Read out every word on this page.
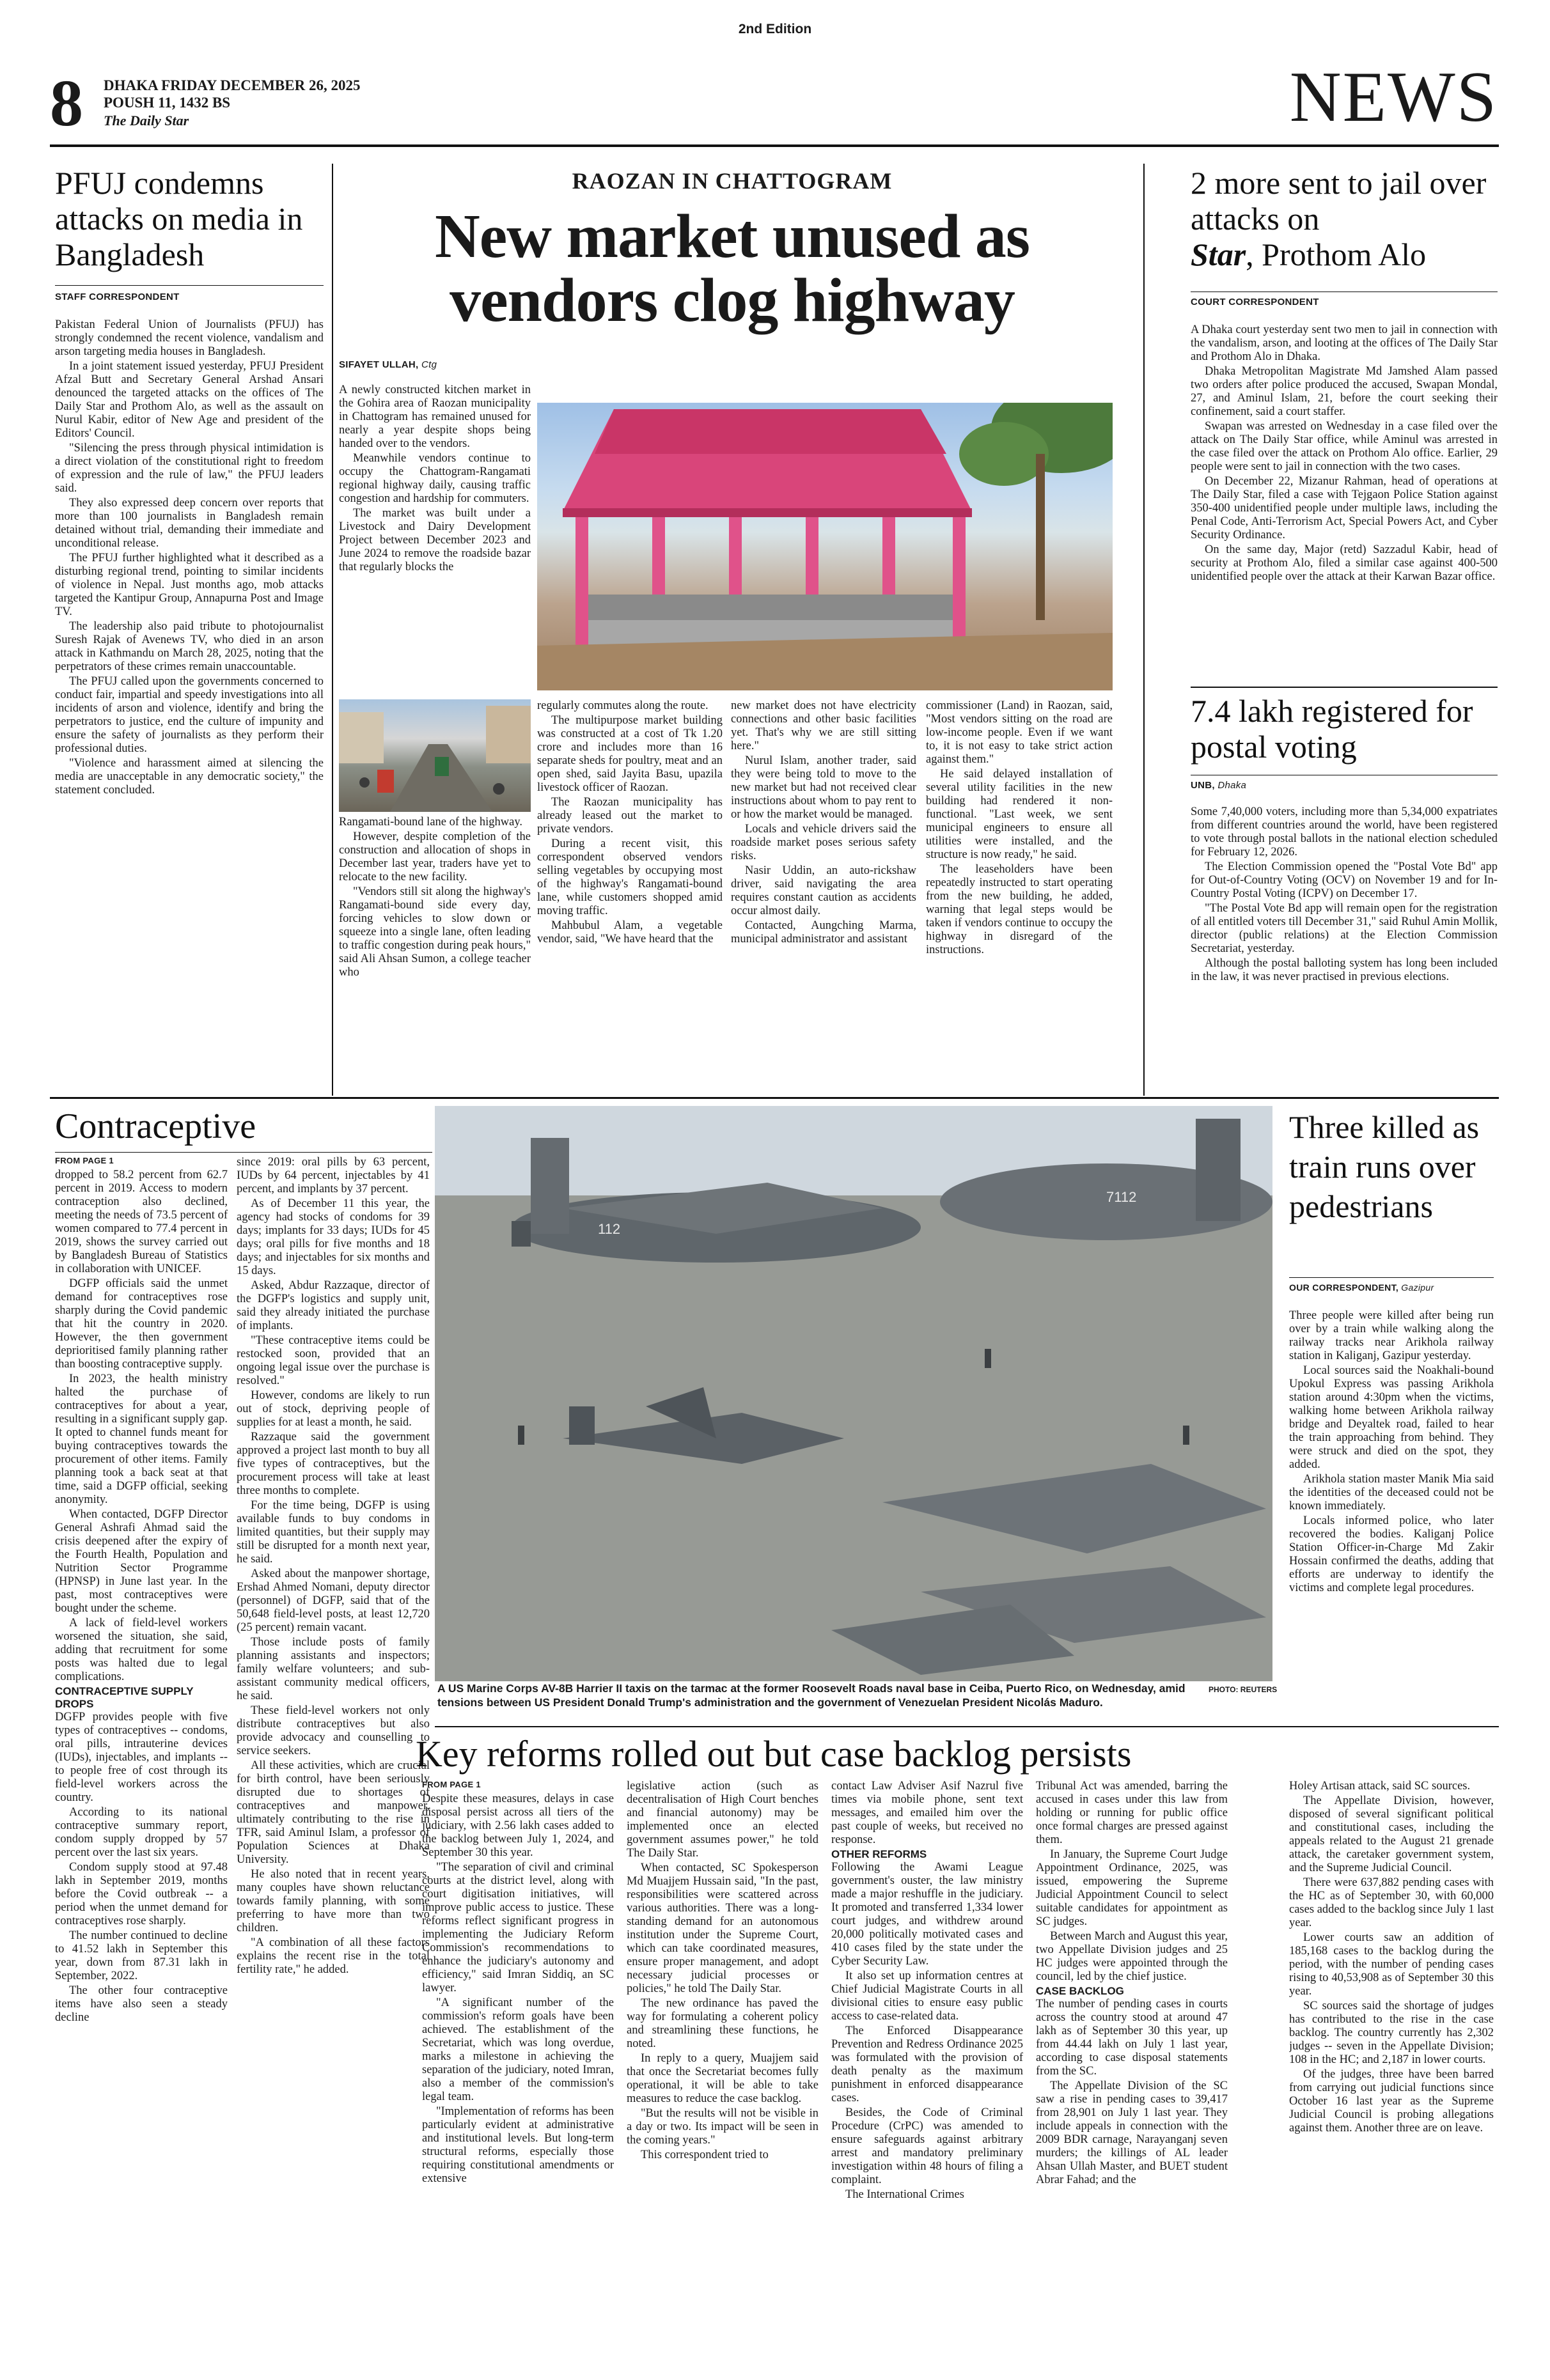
2nd Edition
8 DHAKA FRIDAY DECEMBER 26, 2025
POUSH 11, 1432 BS
The Daily Star	NEWS
PFUJ condemns attacks on media in Bangladesh
STAFF CORRESPONDENT

Pakistan Federal Union of Journalists (PFUJ) has strongly condemned the recent violence, vandalism and arson targeting media houses in Bangladesh.

In a joint statement issued yesterday, PFUJ President Afzal Butt and Secretary General Arshad Ansari denounced the targeted attacks on the offices of The Daily Star and Prothom Alo, as well as the assault on Nurul Kabir, editor of New Age and president of the Editors' Council.

"Silencing the press through physical intimidation is a direct violation of the constitutional right to freedom of expression and the rule of law," the PFUJ leaders said.

They also expressed deep concern over reports that more than 100 journalists in Bangladesh remain detained without trial, demanding their immediate and unconditional release.

The PFUJ further highlighted what it described as a disturbing regional trend, pointing to similar incidents of violence in Nepal. Just months ago, mob attacks targeted the Kantipur Group, Annapurna Post and Image TV.

The leadership also paid tribute to photojournalist Suresh Rajak of Avenews TV, who died in an arson attack in Kathmandu on March 28, 2025, noting that the perpetrators of these crimes remain unaccountable.

The PFUJ called upon the governments concerned to conduct fair, impartial and speedy investigations into all incidents of arson and violence, identify and bring the perpetrators to justice, end the culture of impunity and ensure the safety of journalists as they perform their professional duties.

"Violence and harassment aimed at silencing the media are unacceptable in any democratic society," the statement concluded.

RAOZAN IN CHATTOGRAM
New market unused as vendors clog highway
SIFAYET ULLAH, Ctg

A newly constructed kitchen market in the Gohira area of Raozan municipality in Chattogram has remained unused for nearly a year despite shops being handed over to the vendors.

Meanwhile vendors continue to occupy the Chattogram-Rangamati regional highway daily, causing traffic congestion and hardship for commuters.

The market was built under a Livestock and Dairy Development Project between December 2023 and June 2024 to remove the roadside bazar that regularly blocks the

Rangamati-bound lane of the highway.

However, despite completion of the construction and allocation of shops in December last year, traders have yet to relocate to the new facility.

"Vendors still sit along the highway's Rangamati-bound side every day, forcing vehicles to slow down or squeeze into a single lane, often leading to traffic congestion during peak hours," said Ali Ahsan Sumon, a college teacher who

regularly commutes along the route.

The multipurpose market building was constructed at a cost of Tk 1.20 crore and includes more than 16 separate sheds for poultry, meat and an open shed, said Jayita Basu, upazila livestock officer of Raozan.

The Raozan municipality has already leased out the market to private vendors.

During a recent visit, this correspondent observed vendors selling vegetables by occupying most of the highway's Rangamati-bound lane, while customers shopped amid moving traffic.

Mahbubul Alam, a vegetable vendor, said, "We have heard that the

new market does not have electricity connections and other basic facilities yet. That's why we are still sitting here."

Nurul Islam, another trader, said they were being told to move to the new market but had not received clear instructions about whom to pay rent to or how the market would be managed.

Locals and vehicle drivers said the roadside market poses serious safety risks.

Nasir Uddin, an auto-rickshaw driver, said navigating the area requires constant caution as accidents occur almost daily.

Contacted, Aungching Marma, municipal administrator and assistant

commissioner (Land) in Raozan, said, "Most vendors sitting on the road are low-income people. Even if we want to, it is not easy to take strict action against them."

He said delayed installation of several utility facilities in the new building had rendered it non-functional. "Last week, we sent municipal engineers to ensure all utilities were installed, and the structure is now ready," he said.

The leaseholders have been repeatedly instructed to start operating from the new building, he added, warning that legal steps would be taken if vendors continue to occupy the highway in disregard of the instructions.

2 more sent to jail over attacks on
Star, Prothom Alo
COURT CORRESPONDENT

A Dhaka court yesterday sent two men to jail in connection with the vandalism, arson, and looting at the offices of The Daily Star and Prothom Alo in Dhaka.

Dhaka Metropolitan Magistrate Md Jamshed Alam passed two orders after police produced the accused, Swapan Mondal, 27, and Aminul Islam, 21, before the court seeking their confinement, said a court staffer.

Swapan was arrested on Wednesday in a case filed over the attack on The Daily Star office, while Aminul was arrested in the case filed over the attack on Prothom Alo office. Earlier, 29 people were sent to jail in connection with the two cases.

On December 22, Mizanur Rahman, head of operations at The Daily Star, filed a case with Tejgaon Police Station against 350-400 unidentified people under multiple laws, including the Penal Code, Anti-Terrorism Act, Special Powers Act, and Cyber Security Ordinance.

On the same day, Major (retd) Sazzadul Kabir, head of security at Prothom Alo, filed a similar case against 400-500 unidentified people over the attack at their Karwan Bazar office.

7.4 lakh registered for postal voting
UNB, Dhaka

Some 7,40,000 voters, including more than 5,34,000 expatriates from different countries around the world, have been registered to vote through postal ballots in the national election scheduled for February 12, 2026.

The Election Commission opened the "Postal Vote Bd" app for Out-of-Country Voting (OCV) on November 19 and for In-Country Postal Voting (ICPV) on December 17.

"The Postal Vote Bd app will remain open for the registration of all entitled voters till December 31," said Ruhul Amin Mollik, director (public relations) at the Election Commission Secretariat, yesterday.

Although the postal balloting system has long been included in the law, it was never practised in previous elections.

Contraceptive
FROM PAGE 1

dropped to 58.2 percent from 62.7 percent in 2019. Access to modern contraception also declined, meeting the needs of 73.5 percent of women compared to 77.4 percent in 2019, shows the survey carried out by Bangladesh Bureau of Statistics in collaboration with UNICEF.

DGFP officials said the unmet demand for contraceptives rose sharply during the Covid pandemic that hit the country in 2020. However, the then government deprioritised family planning rather than boosting contraceptive supply.

In 2023, the health ministry halted the purchase of contraceptives for about a year, resulting in a significant supply gap. It opted to channel funds meant for buying contraceptives towards the procurement of other items. Family planning took a back seat at that time, said a DGFP official, seeking anonymity.

When contacted, DGFP Director General Ashrafi Ahmad said the crisis deepened after the expiry of the Fourth Health, Population and Nutrition Sector Programme (HPNSP) in June last year. In the past, most contraceptives were bought under the scheme.

A lack of field-level workers worsened the situation, she said, adding that recruitment for some posts was halted due to legal complications.

CONTRACEPTIVE SUPPLY DROPS

DGFP provides people with five types of contraceptives -- condoms, oral pills, intrauterine devices (IUDs), injectables, and implants -- to people free of cost through its field-level workers across the country.

According to its national contraceptive summary report, condom supply dropped by 57 percent over the last six years.

Condom supply stood at 97.48 lakh in September 2019, months before the Covid outbreak -- a period when the unmet demand for contraceptives rose sharply.

The number continued to decline to 41.52 lakh in September this year, down from 87.31 lakh in September, 2022.

The other four contraceptive items have also seen a steady decline

since 2019: oral pills by 63 percent, IUDs by 64 percent, injectables by 41 percent, and implants by 37 percent.

As of December 11 this year, the agency had stocks of condoms for 39 days; implants for 33 days; IUDs for 45 days; oral pills for five months and 18 days; and injectables for six months and 15 days.

Asked, Abdur Razzaque, director of the DGFP's logistics and supply unit, said they already initiated the purchase of implants.

"These contraceptive items could be restocked soon, provided that an ongoing legal issue over the purchase is resolved."

However, condoms are likely to run out of stock, depriving people of supplies for at least a month, he said.

Razzaque said the government approved a project last month to buy all five types of contraceptives, but the procurement process will take at least three months to complete.

For the time being, DGFP is using available funds to buy condoms in limited quantities, but their supply may still be disrupted for a month next year, he said.

Asked about the manpower shortage, Ershad Ahmed Nomani, deputy director (personnel) of DGFP, said that of the 50,648 field-level posts, at least 12,720 (25 percent) remain vacant.

Those include posts of family planning assistants and inspectors; family welfare volunteers; and sub-assistant community medical officers, he said.

These field-level workers not only distribute contraceptives but also provide advocacy and counselling to service seekers.

All these activities, which are crucial for birth control, have been seriously disrupted due to shortages of contraceptives and manpower, ultimately contributing to the rise in TFR, said Aminul Islam, a professor of Population Sciences at Dhaka University.

He also noted that in recent years, many couples have shown reluctance towards family planning, with some preferring to have more than two children.

"A combination of all these factors explains the recent rise in the total fertility rate," he added.

112
7112
PHOTO: REUTERS
A US Marine Corps AV-8B Harrier II taxis on the tarmac at the former Roosevelt Roads naval base in Ceiba, Puerto Rico, on Wednesday, amid tensions between US President Donald Trump's administration and the government of Venezuelan President Nicolás Maduro.
Three killed as train runs over pedestrians
OUR CORRESPONDENT, Gazipur

Three people were killed after being run over by a train while walking along the railway tracks near Arikhola railway station in Kaliganj, Gazipur yesterday.

Local sources said the Noakhali-bound Upokul Express was passing Arikhola station around 4:30pm when the victims, walking home between Arikhola railway bridge and Deyaltek road, failed to hear the train approaching from behind. They were struck and died on the spot, they added.

Arikhola station master Manik Mia said the identities of the deceased could not be known immediately.

Locals informed police, who later recovered the bodies. Kaliganj Police Station Officer-in-Charge Md Zakir Hossain confirmed the deaths, adding that efforts are underway to identify the victims and complete legal procedures.

Key reforms rolled out but case backlog persists
FROM PAGE 1

Despite these measures, delays in case disposal persist across all tiers of the judiciary, with 2.56 lakh cases added to the backlog between July 1, 2024, and September 30 this year.

"The separation of civil and criminal courts at the district level, along with court digitisation initiatives, will improve public access to justice. These reforms reflect significant progress in implementing the Judiciary Reform Commission's recommendations to enhance the judiciary's autonomy and efficiency," said Imran Siddiq, an SC lawyer.

"A significant number of the commission's reform goals have been achieved. The establishment of the Secretariat, which was long overdue, marks a milestone in achieving the separation of the judiciary, noted Imran, also a member of the commission's legal team.

"Implementation of reforms has been particularly evident at administrative and institutional levels. But long-term structural reforms, especially those requiring constitutional amendments or extensive

legislative action (such as decentralisation of High Court benches and financial autonomy) may be implemented once an elected government assumes power," he told The Daily Star.

When contacted, SC Spokesperson Md Muajjem Hussain said, "In the past, responsibilities were scattered across various authorities. There was a long-standing demand for an autonomous institution under the Supreme Court, which can take coordinated measures, ensure proper management, and adopt necessary judicial processes or policies," he told The Daily Star.

The new ordinance has paved the way for formulating a coherent policy and streamlining these functions, he noted.

In reply to a query, Muajjem said that once the Secretariat becomes fully operational, it will be able to take measures to reduce the case backlog.

"But the results will not be visible in a day or two. Its impact will be seen in the coming years."

This correspondent tried to

contact Law Adviser Asif Nazrul five times via mobile phone, sent text messages, and emailed him over the past couple of weeks, but received no response.

OTHER REFORMS

Following the Awami League government's ouster, the law ministry made a major reshuffle in the judiciary. It promoted and transferred 1,334 lower court judges, and withdrew around 20,000 politically motivated cases and 410 cases filed by the state under the Cyber Security Law.

It also set up information centres at Chief Judicial Magistrate Courts in all divisional cities to ensure easy public access to case-related data.

The Enforced Disappearance Prevention and Redress Ordinance 2025 was formulated with the provision of death penalty as the maximum punishment in enforced disappearance cases.

Besides, the Code of Criminal Procedure (CrPC) was amended to ensure safeguards against arbitrary arrest and mandatory preliminary investigation within 48 hours of filing a complaint.

The International Crimes

Tribunal Act was amended, barring the accused in cases under this law from holding or running for public office once formal charges are pressed against them.

In January, the Supreme Court Judge Appointment Ordinance, 2025, was issued, empowering the Supreme Judicial Appointment Council to select suitable candidates for appointment as SC judges.

Between March and August this year, two Appellate Division judges and 25 HC judges were appointed through the council, led by the chief justice.

CASE BACKLOG

The number of pending cases in courts across the country stood at around 47 lakh as of September 30 this year, up from 44.44 lakh on July 1 last year, according to case disposal statements from the SC.

The Appellate Division of the SC saw a rise in pending cases to 39,417 from 28,901 on July 1 last year. They include appeals in connection with the 2009 BDR carnage, Narayanganj seven murders; the killings of AL leader Ahsan Ullah Master, and BUET student Abrar Fahad; and the

Holey Artisan attack, said SC sources.

The Appellate Division, however, disposed of several significant political and constitutional cases, including the appeals related to the August 21 grenade attack, the caretaker government system, and the Supreme Judicial Council.

There were 637,882 pending cases with the HC as of September 30, with 60,000 cases added to the backlog since July 1 last year.

Lower courts saw an addition of 185,168 cases to the backlog during the period, with the number of pending cases rising to 40,53,908 as of September 30 this year.

SC sources said the shortage of judges has contributed to the rise in the case backlog. The country currently has 2,302 judges -- seven in the Appellate Division; 108 in the HC; and 2,187 in lower courts.

Of the judges, three have been barred from carrying out judicial functions since October 16 last year as the Supreme Judicial Council is probing allegations against them. Another three are on leave.
